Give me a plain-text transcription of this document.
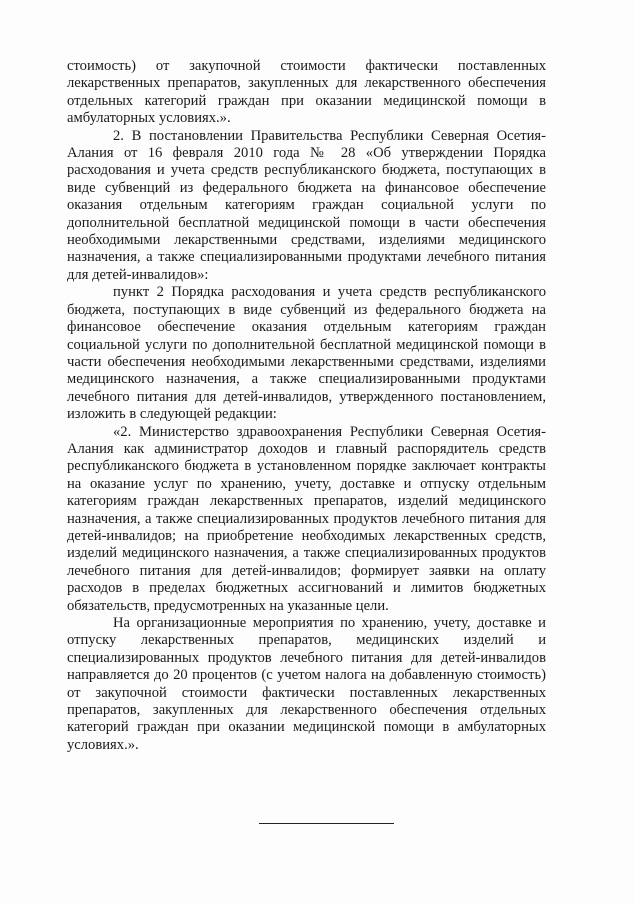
стоимость) от закупочной стоимости фактически поставленных лекарственных препаратов, закупленных для лекарственного обеспечения отдельных категорий граждан при оказании медицинской помощи в амбулаторных условиях.».

2. В постановлении Правительства Республики Северная Осетия-Алания от 16 февраля 2010 года № 28 «Об утверждении Порядка расходования и учета средств республиканского бюджета, поступающих в виде субвенций из федерального бюджета на финансовое обеспечение оказания отдельным категориям граждан социальной услуги по дополнительной бесплатной медицинской помощи в части обеспечения необходимыми лекарственными средствами, изделиями медицинского назначения, а также специализированными продуктами лечебного питания для детей-инвалидов»:

пункт 2 Порядка расходования и учета средств республиканского бюджета, поступающих в виде субвенций из федерального бюджета на финансовое обеспечение оказания отдельным категориям граждан социальной услуги по дополнительной бесплатной медицинской помощи в части обеспечения необходимыми лекарственными средствами, изделиями медицинского назначения, а также специализированными продуктами лечебного питания для детей-инвалидов, утвержденного постановлением, изложить в следующей редакции:

«2. Министерство здравоохранения Республики Северная Осетия-Алания как администратор доходов и главный распорядитель средств республиканского бюджета в установленном порядке заключает контракты на оказание услуг по хранению, учету, доставке и отпуску отдельным категориям граждан лекарственных препаратов, изделий медицинского назначения, а также специализированных продуктов лечебного питания для детей-инвалидов; на приобретение необходимых лекарственных средств, изделий медицинского назначения, а также специализированных продуктов лечебного питания для детей-инвалидов; формирует заявки на оплату расходов в пределах бюджетных ассигнований и лимитов бюджетных обязательств, предусмотренных на указанные цели.

На организационные мероприятия по хранению, учету, доставке и отпуску лекарственных препаратов, медицинских изделий и специализированных продуктов лечебного питания для детей-инвалидов направляется до 20 процентов (с учетом налога на добавленную стоимость) от закупочной стоимости фактически поставленных лекарственных препаратов, закупленных для лекарственного обеспечения отдельных категорий граждан при оказании медицинской помощи в амбулаторных условиях.».
